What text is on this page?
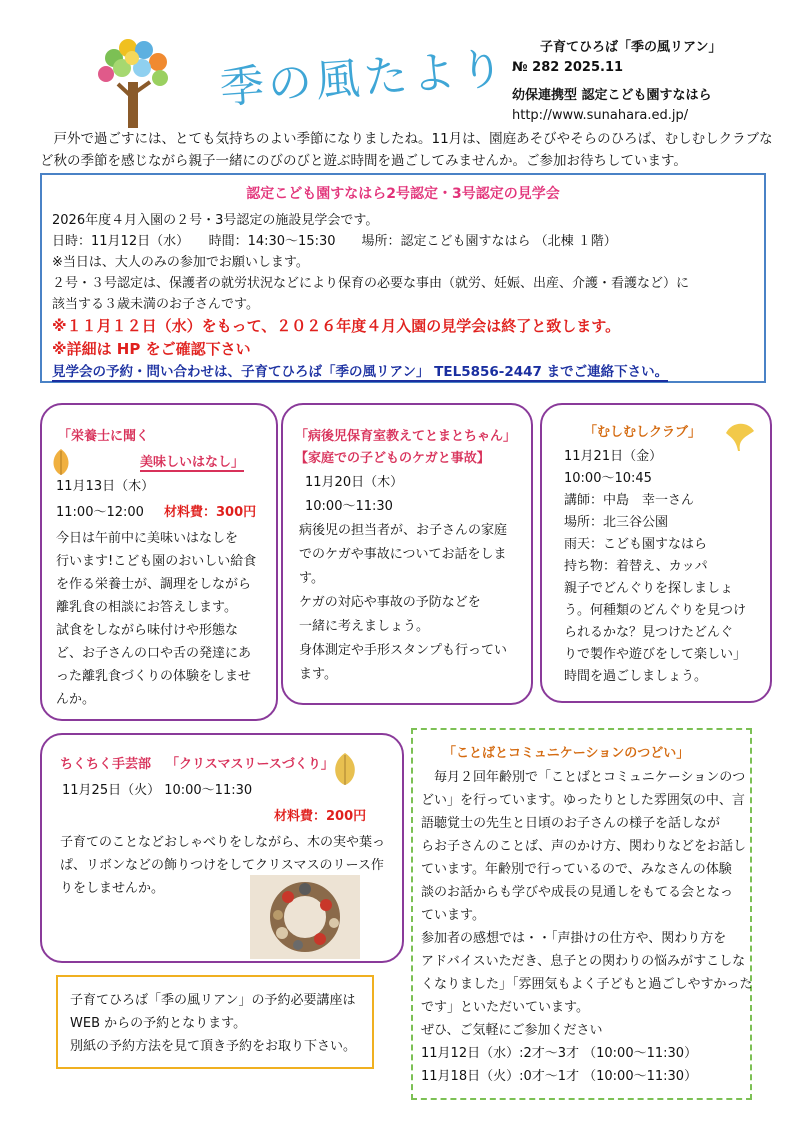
季の風たより 子育てひろば「季の風リアン」
№ 282 2025.11
幼保連携型 認定こども園すなはら
http://www.sunahara.ed.jp/
　戸外で過ごすには、とても気持ちのよい季節になりましたね。11月は、園庭あそびやそらのひろば、むしむしクラブな
ど秋の季節を感じながら親子一緒にのびのびと遊ぶ時間を過ごしてみませんか。ご参加お待ちしています。
認定こども園すなはら2号認定・3号認定の見学会
2026年度４月入園の２号・3号認定の施設見学会です。
日時：11月12日（水）　　時間：14:30～15:30　　場所：認定こども園すなはら （北棟 １階）
※当日は、大人のみの参加でお願いします。
２号・３号認定は、保護者の就労状況などにより保育の必要な事由（就労、妊娠、出産、介護・看護など）に
該当する３歳未満のお子さんです。
※１１月１２日（水）をもって、２０２６年度４月入園の見学会は終了と致します。
※詳細は HP をご確認下さい
見学会の予約・問い合わせは、子育てひろば「季の風リアン」 TEL5856-2447 までご連絡下さい。
「栄養士に聞く
美味しいはなし」
11月13日（木）
11:00～12:00 材料費：300円
今日は午前中に美味いはなしを
行います!こども園のおいしい給食
を作る栄養士が、調理をしながら
離乳食の相談にお答えします。
試食をしながら味付けや形態な
ど、お子さんの口や舌の発達にあ
った離乳食づくりの体験をしませ
んか。
「病後児保育室教えてとまとちゃん」
【家庭での子どものケガと事故】
11月20日（木）
10:00～11:30
病後児の担当者が、お子さんの家庭
でのケガや事故についてお話をしま
す。
ケガの対応や事故の予防などを
一緒に考えましょう。
身体測定や手形スタンプも行ってい
ます。
「むしむしクラブ」
11月21日（金）
10:00～10:45
講師：中島　幸一さん
場所：北三谷公園
雨天：こども園すなはら
持ち物：着替え、カッパ
親子でどんぐりを探しましょ
う。何種類のどんぐりを見つけ
られるかな？見つけたどんぐ
りで製作や遊びをして楽しい」
時間を過ごしましょう。
ちくちく手芸部 「クリスマスリースづくり」
11月25日（火） 10:00～11:30
材料費：200円
子育てのことなどおしゃべりをしながら、木の実や葉っ
ぱ、リボンなどの飾りつけをしてクリスマスのリース作
りをしませんか。
子育てひろば「季の風リアン」の予約必要講座は
WEB からの予約となります。
別紙の予約方法を見て頂き予約をお取り下さい。
「ことばとコミュニケーションのつどい」
　毎月２回年齢別で「ことばとコミュニケーションのつ
どい」を行っています。ゆったりとした雰囲気の中、言
語聴覚士の先生と日頃のお子さんの様子を話しなが
らお子さんのことば、声のかけ方、関わりなどをお話し
ています。年齢別で行っているので、みなさんの体験
談のお話からも学びや成長の見通しをもてる会となっ
ています。
参加者の感想では・・「声掛けの仕方や、関わり方を
アドバイスいただき、息子との関わりの悩みがすこしな
くなりました」「雰囲気もよく子どもと過ごしやすかった
です」といただいています。
ぜひ、ご気軽にご参加ください
11月12日（水）:2才～3才 （10:00～11:30）
11月18日（火）:0才～1才 （10:00～11:30）
